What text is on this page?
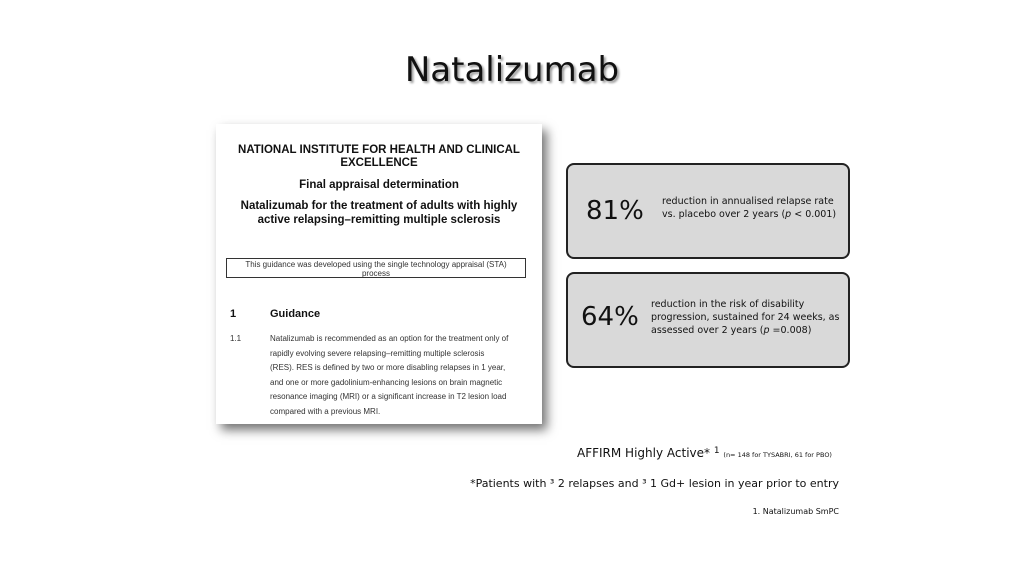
Natalizumab
NATIONAL INSTITUTE FOR HEALTH AND CLINICAL
EXCELLENCE
Final appraisal determination
Natalizumab for the treatment of adults with highly
active relapsing–remitting multiple sclerosis
This guidance was developed using the single technology appraisal (STA)
process
1	Guidance
1.1	Natalizumab is recommended as an option for the treatment only of
rapidly evolving severe relapsing–remitting multiple sclerosis
(RES). RES is defined by two or more disabling relapses in 1 year,
and one or more gadolinium-enhancing lesions on brain magnetic
resonance imaging (MRI) or a significant increase in T2 lesion load
compared with a previous MRI.
81% reduction in annualised relapse rate
vs. placebo over 2 years (p < 0.001)
64% reduction in the risk of disability
progression, sustained for 24 weeks, as
assessed over 2 years (p =0.008)
AFFIRM Highly Active* $^1$ (n= 148 for TYSABRI, 61 for PBO)
*Patients with ³ 2 relapses and ³ 1 Gd+ lesion in year prior to entry
1. Natalizumab SmPC
